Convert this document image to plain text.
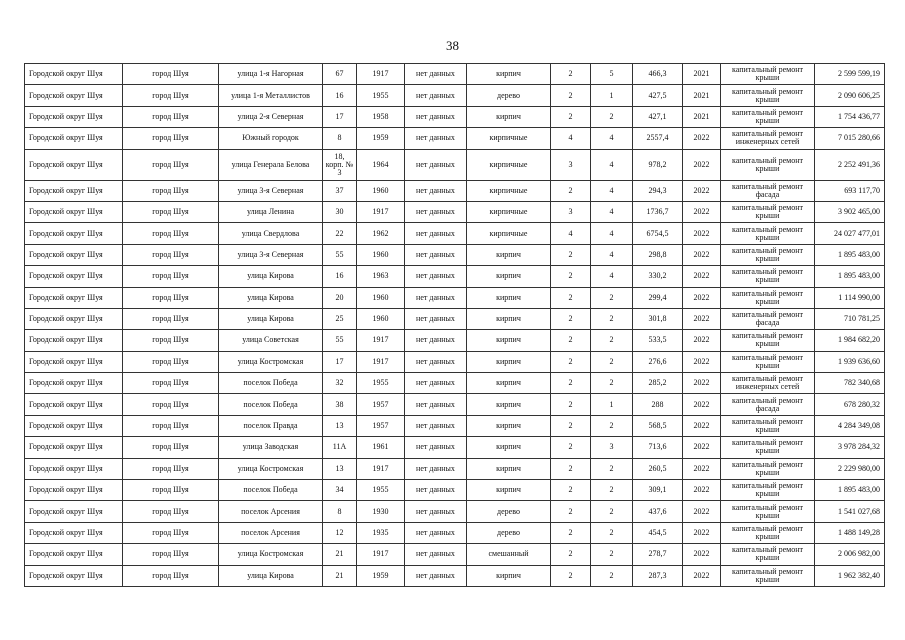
38
Городской округ Шуя	город Шуя	улица 1-я Нагорная	67	1917	нет данных	кирпич	2	5	466,3	2021	капитальный ремонт крыши	2 599 599,19
Городской округ Шуя	город Шуя	улица 1-я Металлистов	16	1955	нет данных	дерево	2	1	427,5	2021	капитальный ремонт крыши	2 090 606,25
Городской округ Шуя	город Шуя	улица 2-я Северная	17	1958	нет данных	кирпич	2	2	427,1	2021	капитальный ремонт крыши	1 754 436,77
Городской округ Шуя	город Шуя	Южный городок	8	1959	нет данных	кирпичные	4	4	2557,4	2022	капитальный ремонт инженерных сетей	7 015 280,66
Городской округ Шуя	город Шуя	улица Генерала Белова	18, корп. № 3	1964	нет данных	кирпичные	3	4	978,2	2022	капитальный ремонт крыши	2 252 491,36
Городской округ Шуя	город Шуя	улица 3-я Северная	37	1960	нет данных	кирпичные	2	4	294,3	2022	капитальный ремонт фасада	693 117,70
Городской округ Шуя	город Шуя	улица Ленина	30	1917	нет данных	кирпичные	3	4	1736,7	2022	капитальный ремонт крыши	3 902 465,00
Городской округ Шуя	город Шуя	улица Свердлова	22	1962	нет данных	кирпичные	4	4	6754,5	2022	капитальный ремонт крыши	24 027 477,01
Городской округ Шуя	город Шуя	улица 3-я Северная	55	1960	нет данных	кирпич	2	4	298,8	2022	капитальный ремонт крыши	1 895 483,00
Городской округ Шуя	город Шуя	улица Кирова	16	1963	нет данных	кирпич	2	4	330,2	2022	капитальный ремонт крыши	1 895 483,00
Городской округ Шуя	город Шуя	улица Кирова	20	1960	нет данных	кирпич	2	2	299,4	2022	капитальный ремонт крыши	1 114 990,00
Городской округ Шуя	город Шуя	улица Кирова	25	1960	нет данных	кирпич	2	2	301,8	2022	капитальный ремонт фасада	710 781,25
Городской округ Шуя	город Шуя	улица Советская	55	1917	нет данных	кирпич	2	2	533,5	2022	капитальный ремонт крыши	1 984 682,20
Городской округ Шуя	город Шуя	улица Костромская	17	1917	нет данных	кирпич	2	2	276,6	2022	капитальный ремонт крыши	1 939 636,60
Городской округ Шуя	город Шуя	поселок Победа	32	1955	нет данных	кирпич	2	2	285,2	2022	капитальный ремонт инженерных сетей	782 340,68
Городской округ Шуя	город Шуя	поселок Победа	38	1957	нет данных	кирпич	2	1	288	2022	капитальный ремонт фасада	678 280,32
Городской округ Шуя	город Шуя	поселок Правда	13	1957	нет данных	кирпич	2	2	568,5	2022	капитальный ремонт крыши	4 284 349,08
Городской округ Шуя	город Шуя	улица Заводская	11А	1961	нет данных	кирпич	2	3	713,6	2022	капитальный ремонт крыши	3 978 284,32
Городской округ Шуя	город Шуя	улица Костромская	13	1917	нет данных	кирпич	2	2	260,5	2022	капитальный ремонт крыши	2 229 980,00
Городской округ Шуя	город Шуя	поселок Победа	34	1955	нет данных	кирпич	2	2	309,1	2022	капитальный ремонт крыши	1 895 483,00
Городской округ Шуя	город Шуя	поселок Арсения	8	1930	нет данных	дерево	2	2	437,6	2022	капитальный ремонт крыши	1 541 027,68
Городской округ Шуя	город Шуя	поселок Арсения	12	1935	нет данных	дерево	2	2	454,5	2022	капитальный ремонт крыши	1 488 149,28
Городской округ Шуя	город Шуя	улица Костромская	21	1917	нет данных	смешанный	2	2	278,7	2022	капитальный ремонт крыши	2 006 982,00
Городской округ Шуя	город Шуя	улица Кирова	21	1959	нет данных	кирпич	2	2	287,3	2022	капитальный ремонт крыши	1 962 382,40
